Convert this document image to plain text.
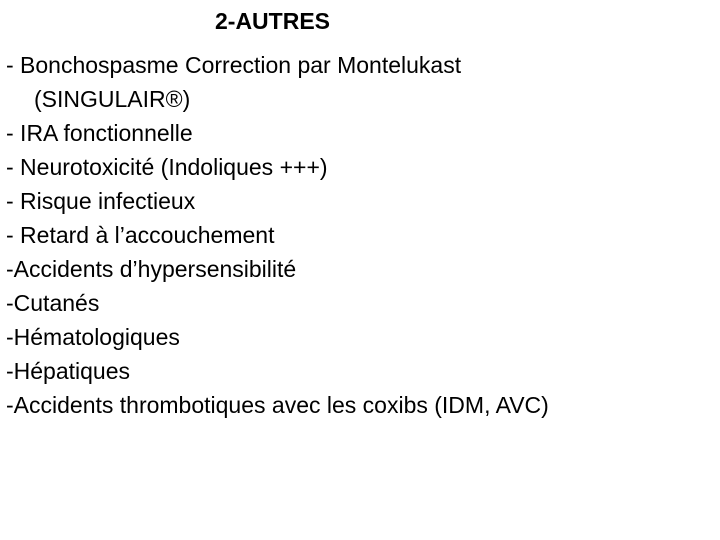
2-AUTRES
- Bonchospasme Correction par Montelukast
(SINGULAIR®)
- IRA fonctionnelle
- Neurotoxicité (Indoliques +++)
- Risque infectieux
- Retard à l’accouchement
-Accidents d’hypersensibilité
-Cutanés
-Hématologiques
-Hépatiques
-Accidents thrombotiques avec les coxibs (IDM, AVC)
